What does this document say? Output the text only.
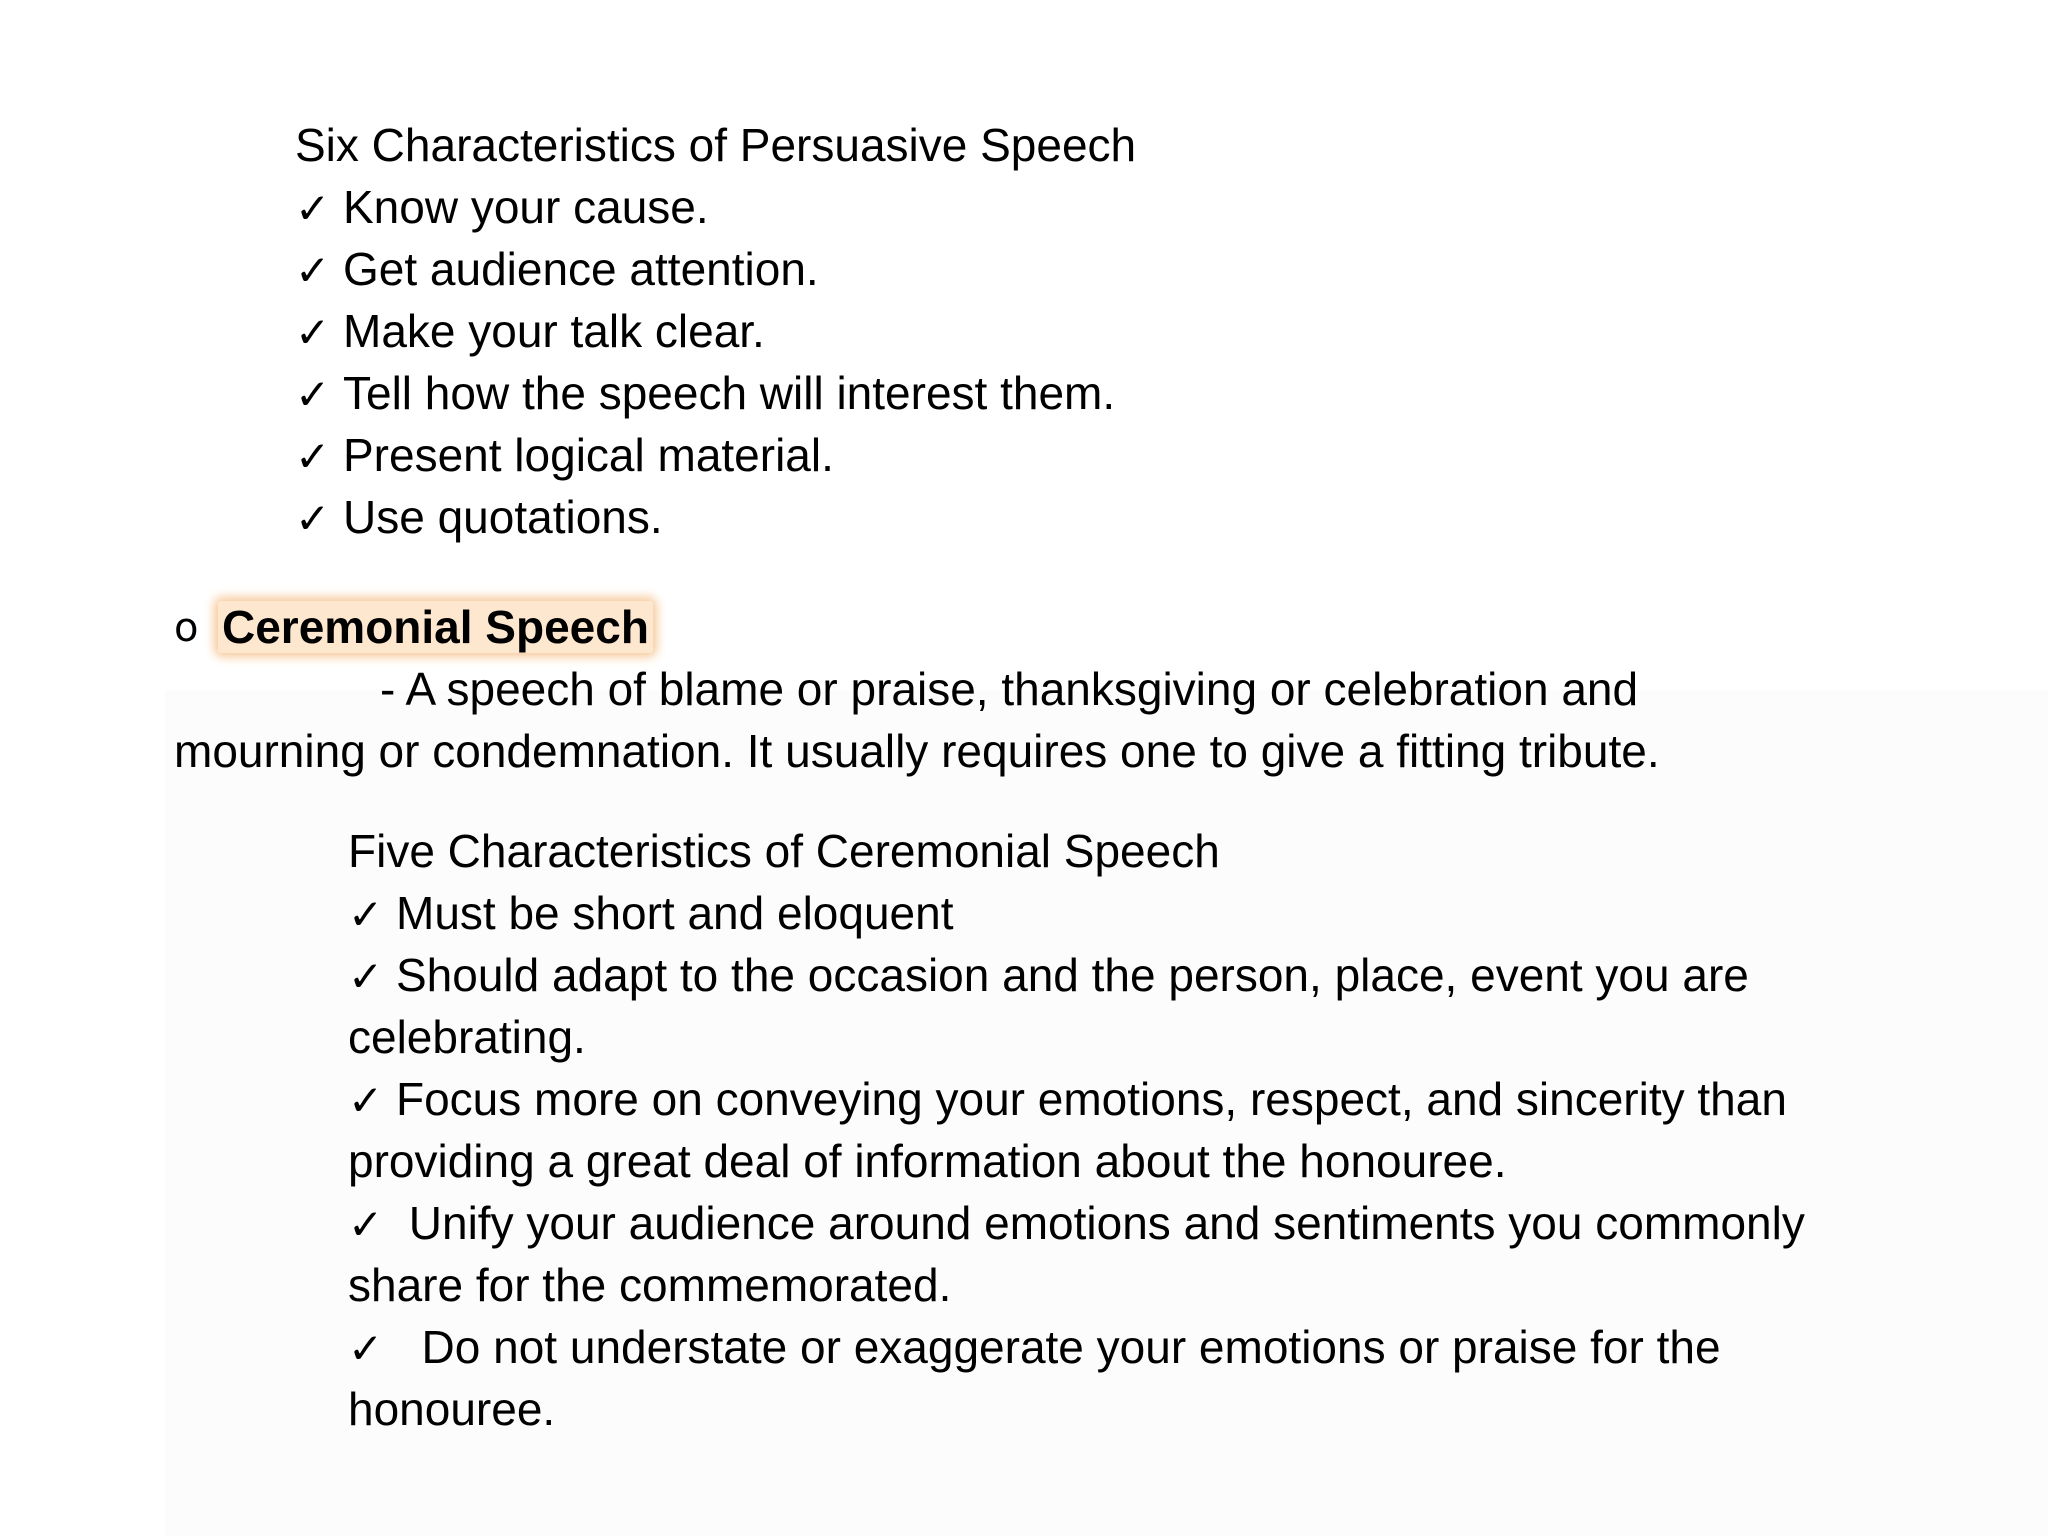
Six Characteristics of Persuasive Speech
✓ Know your cause.
✓ Get audience attention.
✓ Make your talk clear.
✓ Tell how the speech will interest them.
✓ Present logical material.
✓ Use quotations.
o Ceremonial Speech
- A speech of blame or praise, thanksgiving or celebration and
mourning or condemnation. It usually requires one to give a fitting tribute.
Five Characteristics of Ceremonial Speech
✓ Must be short and eloquent
✓ Should adapt to the occasion and the person, place, event you are
celebrating.
✓ Focus more on conveying your emotions, respect, and sincerity than
providing a great deal of information about the honouree.
✓ Unify your audience around emotions and sentiments you commonly
share for the commemorated.
✓  Do not understate or exaggerate your emotions or praise for the
honouree.
